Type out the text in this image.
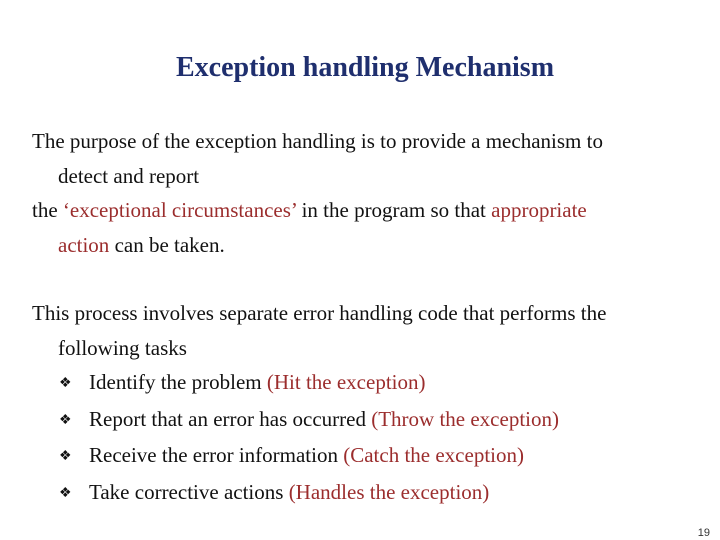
Exception handling Mechanism
The purpose of the exception handling is to provide a mechanism to
detect and report
the ‘exceptional circumstances’ in the program so that appropriate
action can be taken.
This process involves separate error handling code that performs the
following tasks
❖ Identify the problem (Hit the exception)
❖ Report that an error has occurred (Throw the exception)
❖ Receive the error information (Catch the exception)
❖ Take corrective actions (Handles the exception)
19
